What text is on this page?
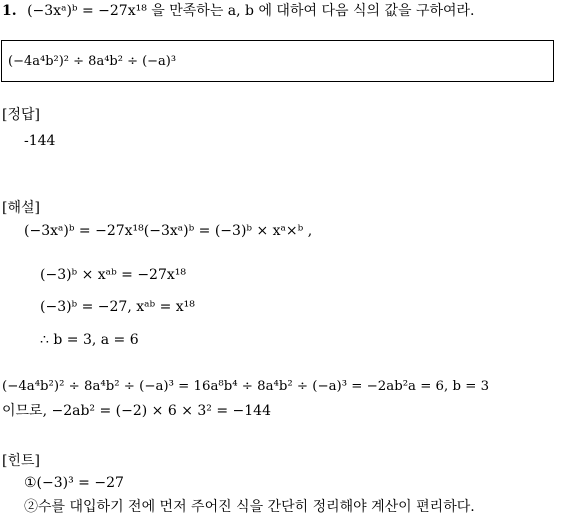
1. (−3xᵃ)ᵇ = −27x¹⁸ 을 만족하는 a, b 에 대하여 다음 식의 값을 구하여라.
(−4a⁴b²)² ÷ 8a⁴b² ÷ (−a)³
[정답]
-144
[해설]
(−3xᵃ)ᵇ = −27x¹⁸(−3xᵃ)ᵇ = (−3)ᵇ × xᵃ×ᵇ ,
(−3)ᵇ × xᵃᵇ = −27x¹⁸
(−3)ᵇ = −27, xᵃᵇ = x¹⁸
∴ b = 3, a = 6
(−4a⁴b²)² ÷ 8a⁴b² ÷ (−a)³ = 16a⁸b⁴ ÷ 8a⁴b² ÷ (−a)³ = −2ab²a = 6, b = 3
이므로, −2ab² = (−2) × 6 × 3² = −144
[힌트]
①(−3)³ = −27
②수를 대입하기 전에 먼저 주어진 식을 간단히 정리해야 계산이 편리하다.
